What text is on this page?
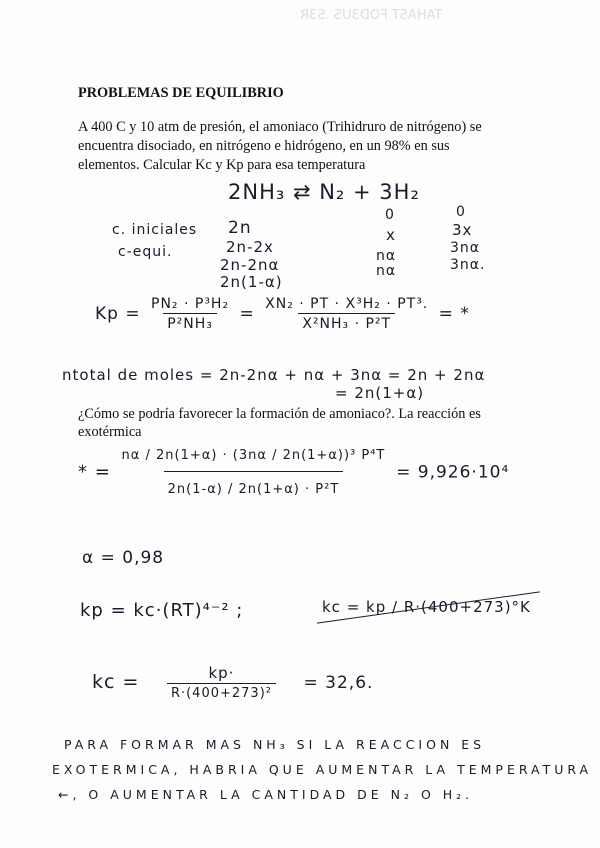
TAHAST FOD3US .S3R
PROBLEMAS DE EQUILIBRIO
A 400 C y 10 atm de presión, el amoniaco (Trihidruro de nitrógeno) se
encuentra disociado, en nitrógeno e hidrógeno, en un 98% en sus
elementos. Calcular Kc y Kp para esa temperatura
2NH₃ ⇄ N₂ + 3H₂
0	0
c. iniciales 2n	x	3x
c-equi.	2n-2x	nα	3nα
2n-2nα	nα	3nα.
2n(1-α)
$Kp = \frac{\text{PN₂ · P³H₂}}{\text{P²NH₃}} = \frac{\text{XN₂ · PT · X³H₂ · PT³.}}{\text{X²NH₃ · P²T}}$ = *
ntotal de moles = 2n-2nα + nα + 3nα = 2n + 2nα
= 2n(1+α)
¿Cómo se podría favorecer la formación de amoniaco?. La reacción es
exotérmica
* = $\frac{\text{nα / 2n(1+α) · (3nα / 2n(1+α))³ P⁴T}}{\text{2n(1-α) / 2n(1+α) · P²T}} = 9,926\cdot 10^4$
α = 0,98
kp = kc·(RT)⁴⁻² ;	kc = kp / R·(400+273)°K
kc = $\frac{kp\cdot}{\text{R·(400+273)²}} = 32,6$.
PARA FORMAR MAS NH₃ SI LA REACCION ES
EXOTERMICA, HABRIA QUE AUMENTAR LA TEMPERATURA
←, O AUMENTAR LA CANTIDAD DE N₂ O H₂.
